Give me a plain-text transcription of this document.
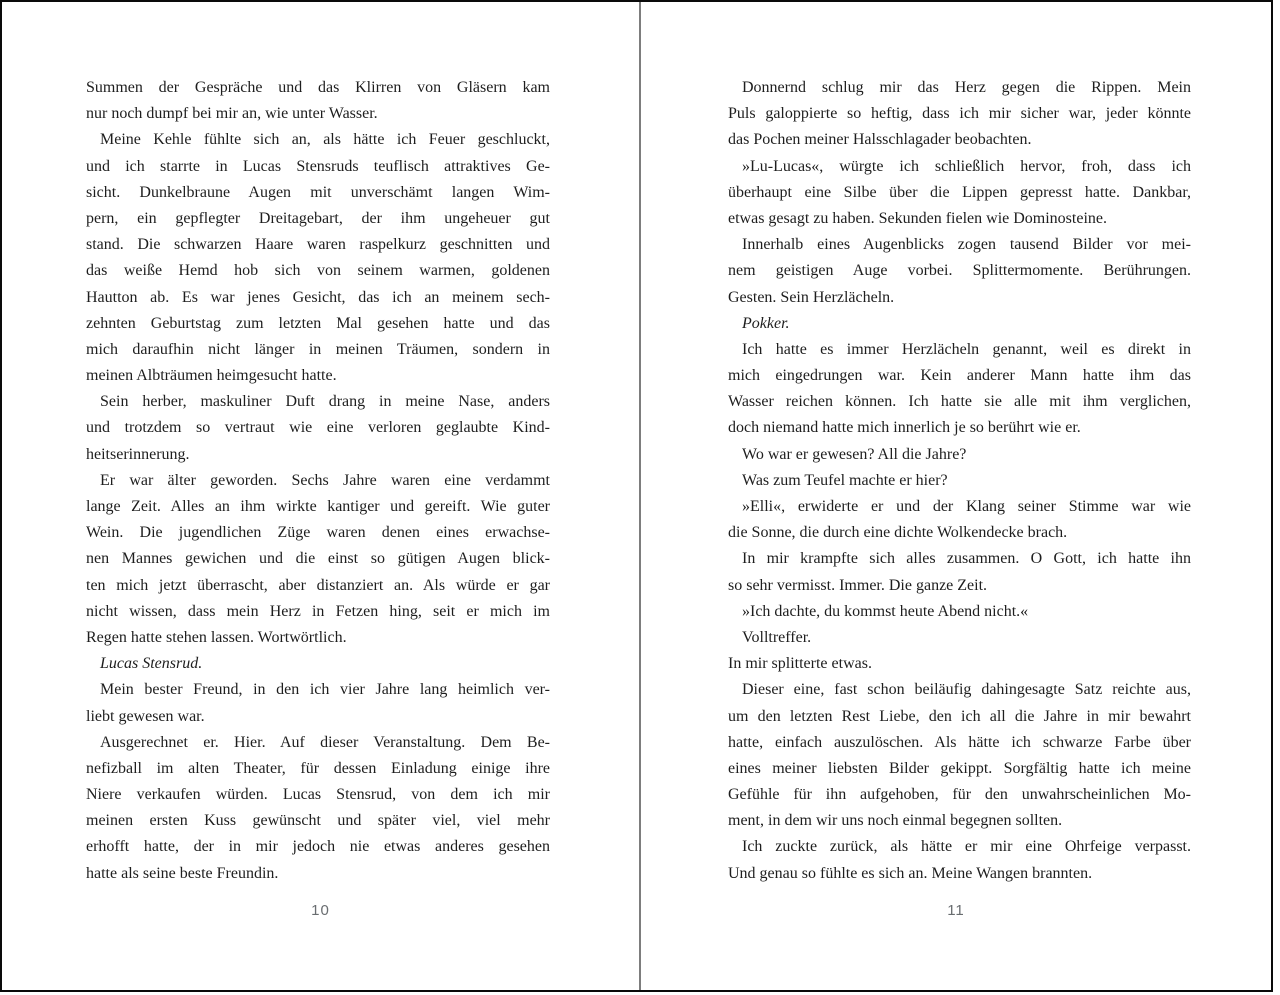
Summen der Gespräche und das Klirren von Gläsern kam
nur noch dumpf bei mir an, wie unter Wasser.

Meine Kehle fühlte sich an, als hätte ich Feuer geschluckt,
und ich starrte in Lucas Stensruds teuflisch attraktives Ge-
sicht. Dunkelbraune Augen mit unverschämt langen Wim-
pern, ein gepflegter Dreitagebart, der ihm ungeheuer gut
stand. Die schwarzen Haare waren raspelkurz geschnitten und
das weiße Hemd hob sich von seinem warmen, goldenen
Hautton ab. Es war jenes Gesicht, das ich an meinem sech-
zehnten Geburtstag zum letzten Mal gesehen hatte und das
mich daraufhin nicht länger in meinen Träumen, sondern in
meinen Albträumen heimgesucht hatte.

Sein herber, maskuliner Duft drang in meine Nase, anders
und trotzdem so vertraut wie eine verloren geglaubte Kind-
heitserinnerung.

Er war älter geworden. Sechs Jahre waren eine verdammt
lange Zeit. Alles an ihm wirkte kantiger und gereift. Wie guter
Wein. Die jugendlichen Züge waren denen eines erwachse-
nen Mannes gewichen und die einst so gütigen Augen blick-
ten mich jetzt überrascht, aber distanziert an. Als würde er gar
nicht wissen, dass mein Herz in Fetzen hing, seit er mich im
Regen hatte stehen lassen. Wortwörtlich.

Lucas Stensrud.

Mein bester Freund, in den ich vier Jahre lang heimlich ver-
liebt gewesen war.

Ausgerechnet er. Hier. Auf dieser Veranstaltung. Dem Be-
nefizball im alten Theater, für dessen Einladung einige ihre
Niere verkaufen würden. Lucas Stensrud, von dem ich mir
meinen ersten Kuss gewünscht und später viel, viel mehr
erhofft hatte, der in mir jedoch nie etwas anderes gesehen
hatte als seine beste Freundin.

10

Donnernd schlug mir das Herz gegen die Rippen. Mein
Puls galoppierte so heftig, dass ich mir sicher war, jeder könnte
das Pochen meiner Halsschlagader beobachten.

»Lu-Lucas«, würgte ich schließlich hervor, froh, dass ich
überhaupt eine Silbe über die Lippen gepresst hatte. Dankbar,
etwas gesagt zu haben. Sekunden fielen wie Dominosteine.

Innerhalb eines Augenblicks zogen tausend Bilder vor mei-
nem geistigen Auge vorbei. Splittermomente. Berührungen.
Gesten. Sein Herzlächeln.

Pokker.

Ich hatte es immer Herzlächeln genannt, weil es direkt in
mich eingedrungen war. Kein anderer Mann hatte ihm das
Wasser reichen können. Ich hatte sie alle mit ihm verglichen,
doch niemand hatte mich innerlich je so berührt wie er.

Wo war er gewesen? All die Jahre?

Was zum Teufel machte er hier?

»Elli«, erwiderte er und der Klang seiner Stimme war wie
die Sonne, die durch eine dichte Wolkendecke brach.

In mir krampfte sich alles zusammen. O Gott, ich hatte ihn
so sehr vermisst. Immer. Die ganze Zeit.

»Ich dachte, du kommst heute Abend nicht.«

Volltreffer.

In mir splitterte etwas.

Dieser eine, fast schon beiläufig dahingesagte Satz reichte aus,
um den letzten Rest Liebe, den ich all die Jahre in mir bewahrt
hatte, einfach auszulöschen. Als hätte ich schwarze Farbe über
eines meiner liebsten Bilder gekippt. Sorgfältig hatte ich meine
Gefühle für ihn aufgehoben, für den unwahrscheinlichen Mo-
ment, in dem wir uns noch einmal begegnen sollten.

Ich zuckte zurück, als hätte er mir eine Ohrfeige verpasst.
Und genau so fühlte es sich an. Meine Wangen brannten.

11
